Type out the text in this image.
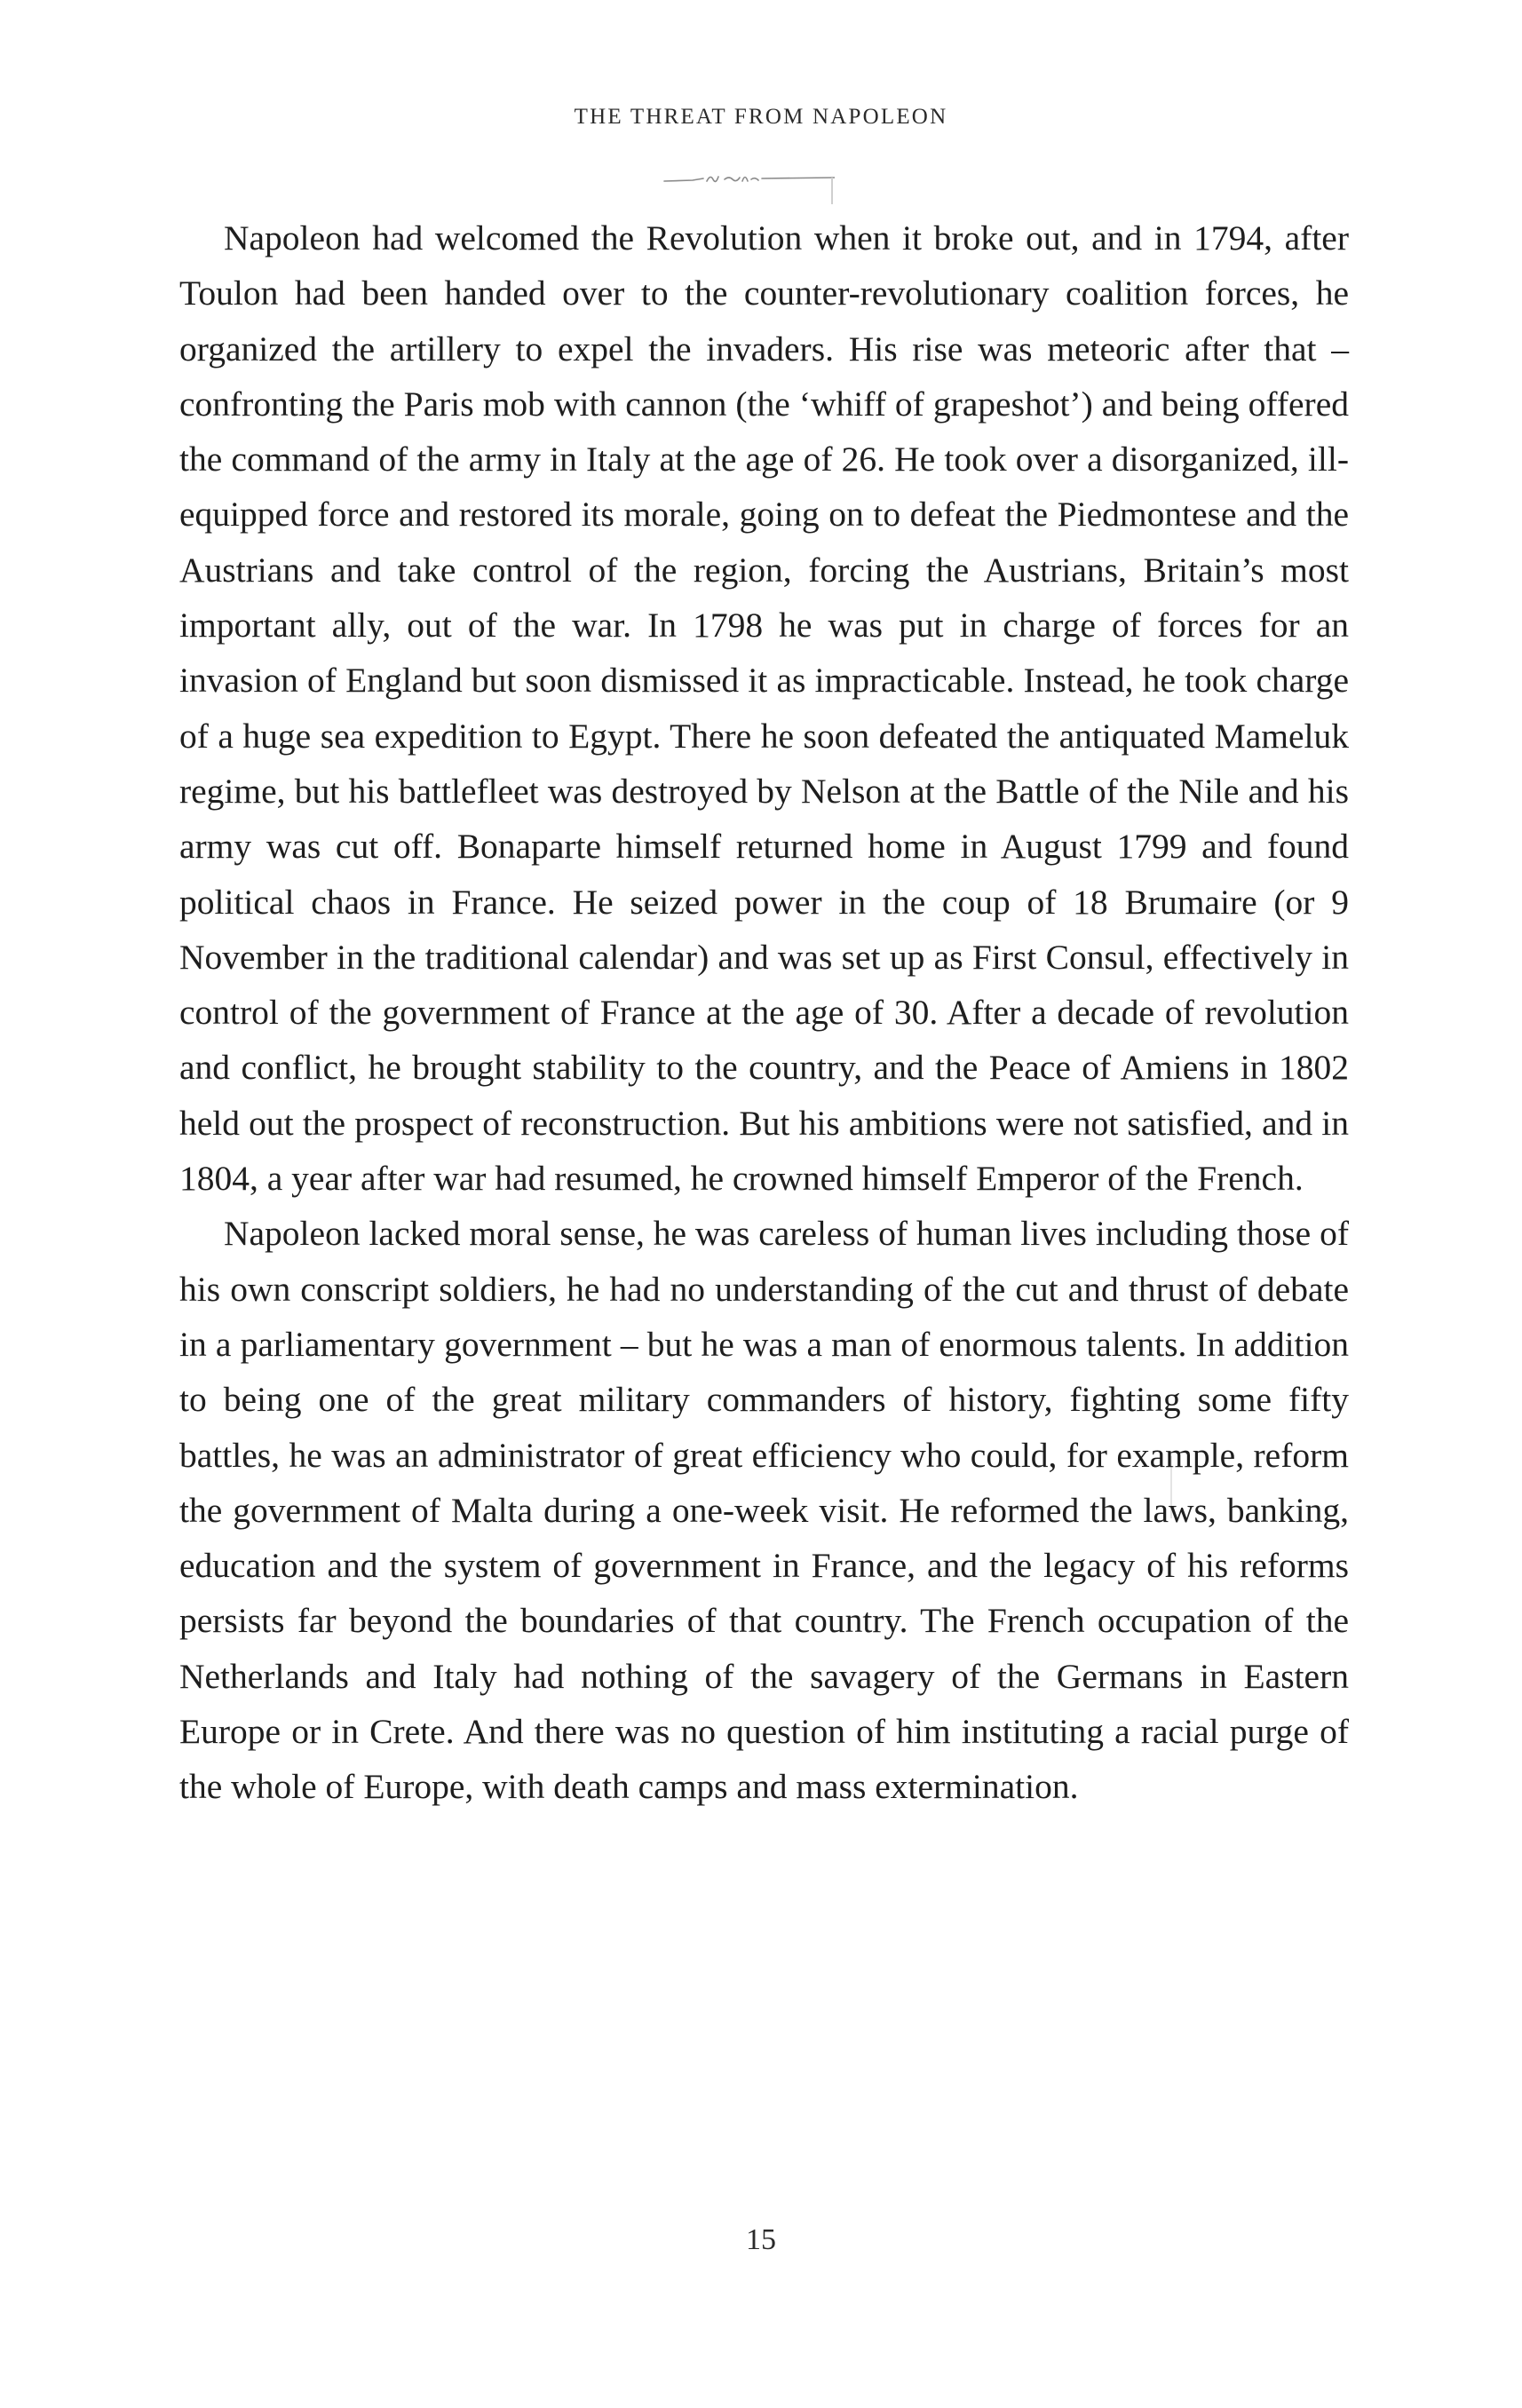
THE THREAT FROM NAPOLEON

Napoleon had welcomed the Revolution when it broke out, and in 1794, after Toulon had been handed over to the counter-revolutionary coalition forces, he organized the artillery to expel the invaders. His rise was meteoric after that – confronting the Paris mob with cannon (the ‘whiff of grapeshot’) and being offered the command of the army in Italy at the age of 26. He took over a disorganized, ill-equipped force and restored its morale, going on to defeat the Piedmontese and the Austrians and take control of the region, forcing the Austrians, Britain’s most important ally, out of the war. In 1798 he was put in charge of forces for an invasion of England but soon dismissed it as impracticable. Instead, he took charge of a huge sea expedition to Egypt. There he soon defeated the antiquated Mameluk regime, but his battlefleet was destroyed by Nelson at the Battle of the Nile and his army was cut off. Bonaparte himself returned home in August 1799 and found political chaos in France. He seized power in the coup of 18 Brumaire (or 9 November in the traditional calendar) and was set up as First Consul, effectively in control of the government of France at the age of 30. After a decade of revolution and conflict, he brought stability to the country, and the Peace of Amiens in 1802 held out the prospect of reconstruction. But his ambitions were not satisfied, and in 1804, a year after war had resumed, he crowned himself Emperor of the French.

Napoleon lacked moral sense, he was careless of human lives including those of his own conscript soldiers, he had no understanding of the cut and thrust of debate in a parliamentary government – but he was a man of enormous talents. In addition to being one of the great military commanders of history, fighting some fifty battles, he was an administrator of great efficiency who could, for example, reform the government of Malta during a one-week visit. He reformed the laws, banking, education and the system of government in France, and the legacy of his reforms persists far beyond the boundaries of that country. The French occupation of the Netherlands and Italy had nothing of the savagery of the Germans in Eastern Europe or in Crete. And there was no question of him instituting a racial purge of the whole of Europe, with death camps and mass extermination.

15
